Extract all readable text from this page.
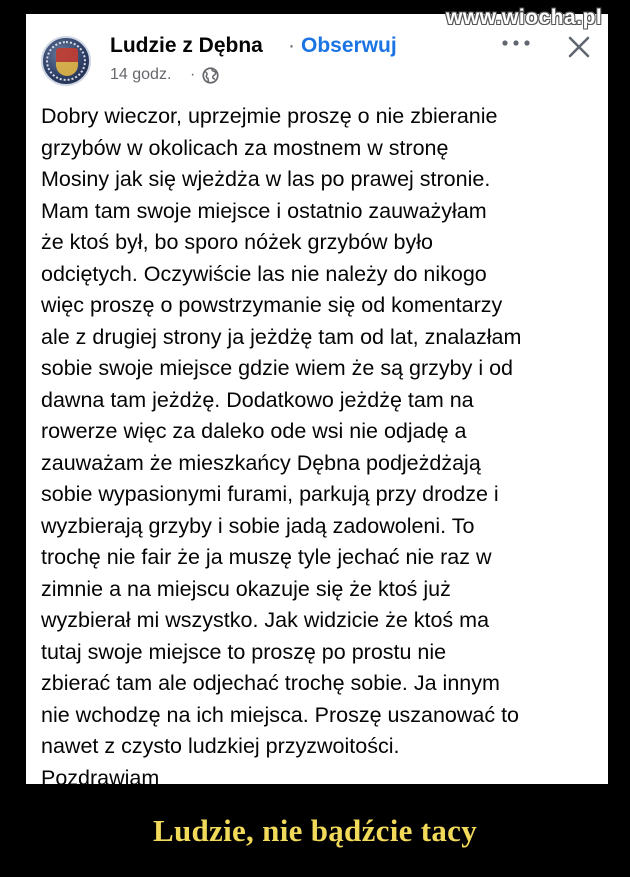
Ludzie z Dębna · Obserwuj
14 godz. ·
Dobry wieczor, uprzejmie proszę o nie zbieranie
grzybów w okolicach za mostnem w stronę
Mosiny jak się wjeżdża w las po prawej stronie.
Mam tam swoje miejsce i ostatnio zauważyłam
że ktoś był, bo sporo nóżek grzybów było
odciętych. Oczywiście las nie należy do nikogo
więc proszę o powstrzymanie się od komentarzy
ale z drugiej strony ja jeżdżę tam od lat, znalazłam
sobie swoje miejsce gdzie wiem że są grzyby i od
dawna tam jeżdżę. Dodatkowo jeżdżę tam na
rowerze więc za daleko ode wsi nie odjadę a
zauważam że mieszkańcy Dębna podjeżdżają
sobie wypasionymi furami, parkują przy drodze i
wyzbierają grzyby i sobie jadą zadowoleni. To
trochę nie fair że ja muszę tyle jechać nie raz w
zimnie a na miejscu okazuje się że ktoś już
wyzbierał mi wszystko. Jak widzicie że ktoś ma
tutaj swoje miejsce to proszę po prostu nie
zbierać tam ale odjechać trochę sobie. Ja innym
nie wchodzę na ich miejsca. Proszę uszanować to
nawet z czysto ludzkiej przyzwoitości.
Pozdrawiam
www.wiocha.pl
Ludzie, nie bądźcie tacy
